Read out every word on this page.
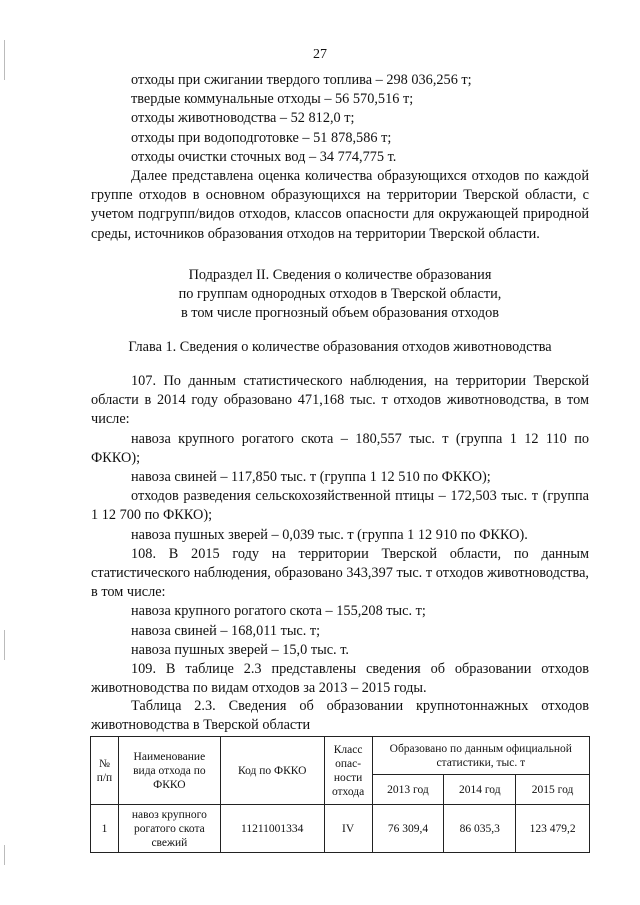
27

отходы при сжигании твердого топлива – 298 036,256 т;

твердые коммунальные отходы – 56 570,516 т;

отходы животноводства – 52 812,0 т;

отходы при водоподготовке – 51 878,586 т;

отходы очистки сточных вод – 34 774,775 т.

Далее представлена оценка количества образующихся отходов по каждой группе отходов в основном образующихся на территории Тверской области, с учетом подгрупп/видов отходов, классов опасности для окружающей природной среды, источников образования отходов на территории Тверской области.

Подраздел II. Сведения о количестве образования

по группам однородных отходов в Тверской области,

в том числе прогнозный объем образования отходов

Глава 1. Сведения о количестве образования отходов животноводства

107. По данным статистического наблюдения, на территории Тверской области в 2014 году образовано 471,168 тыс. т отходов животноводства, в том числе:

навоза крупного рогатого скота – 180,557 тыс. т (группа 1 12 110 по ФККО);

навоза свиней – 117,850 тыс. т (группа 1 12 510 по ФККО);

отходов разведения сельскохозяйственной птицы – 172,503 тыс. т (группа 1 12 700 по ФККО);

навоза пушных зверей – 0,039 тыс. т (группа 1 12 910 по ФККО).

108. В 2015 году на территории Тверской области, по данным статистического наблюдения, образовано 343,397 тыс. т отходов животноводства, в том числе:

навоза крупного рогатого скота – 155,208 тыс. т;

навоза свиней – 168,011 тыс. т;

навоза пушных зверей – 15,0 тыс. т.

109. В таблице 2.3 представлены сведения об образовании отходов животноводства по видам отходов за 2013 – 2015 годы.

Таблица 2.3. Сведения об образовании крупнотоннажных отходов животноводства в Тверской области
№ п/п	Наименование вида отхода по ФККО	Код по ФККО	Класс опас-ности отхода	Образовано по данным официальной статистики, тыс. т		
				2013 год	2014 год	2015 год
1	навоз крупного рогатого скота свежий	11211001334	IV	76 309,4	86 035,3	123 479,2
